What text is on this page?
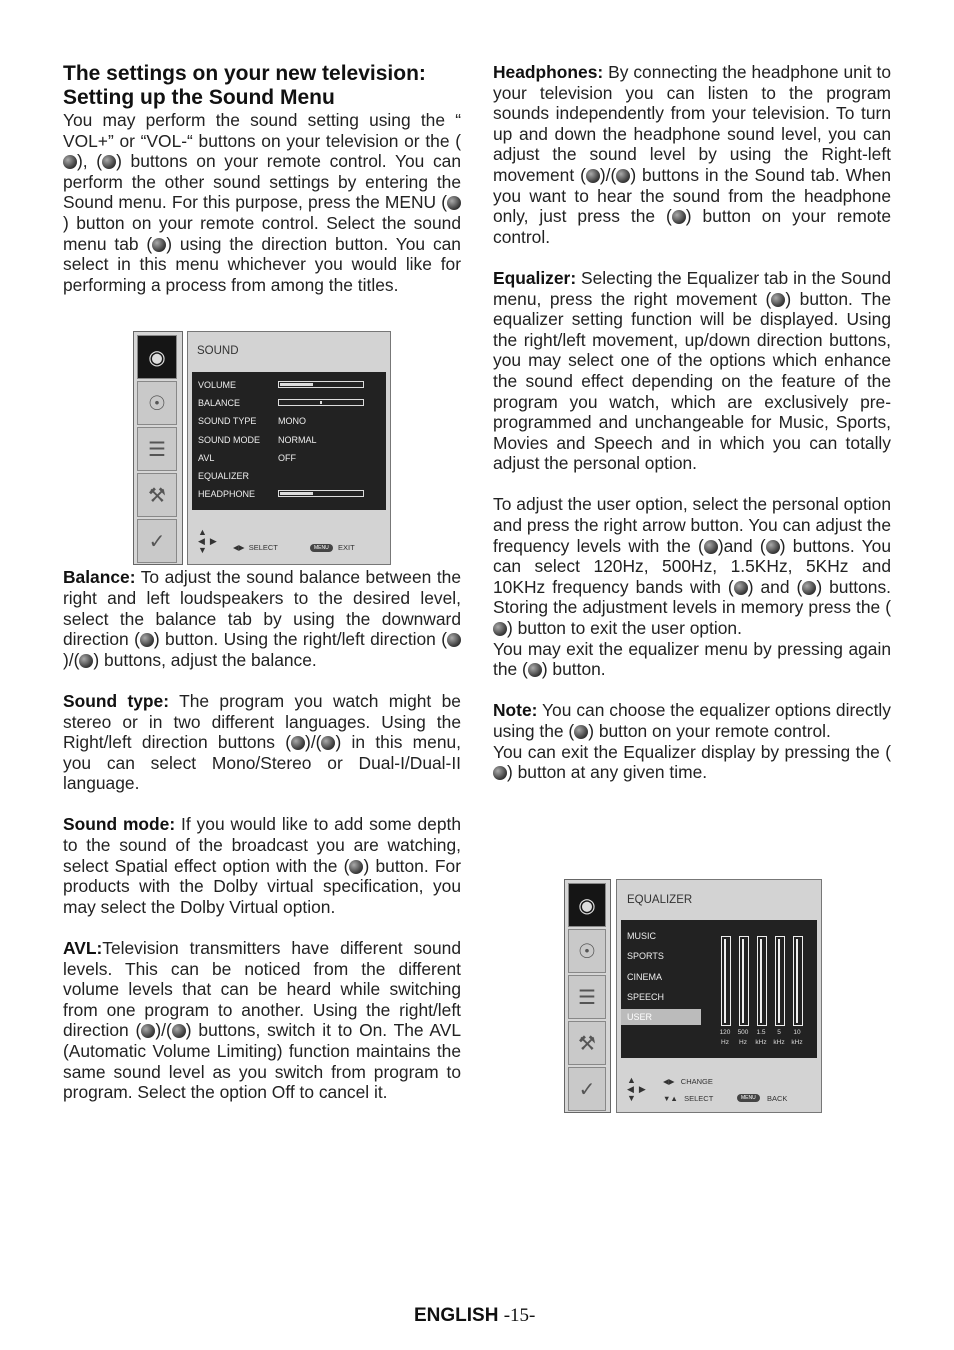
The settings on your new television:
Setting up the Sound Menu

You may perform the sound setting using the “ VOL+” or “VOL-“ buttons on your television or the (), ( ) buttons on your remote control. You can perform the other sound settings by entering the Sound menu. For this purpose, press the MENU () button on your remote control. Select the sound menu tab ( ) using the direction button. You can select in this menu whichever you would like for performing a process from among the titles.

Balance: To adjust the sound balance between the right and left loudspeakers to the desired level, select the balance tab by using the downward direction ( ) button. Using the right/left direction ()/( ) buttons, adjust the balance.

Sound type: The program you watch might be stereo or in two different languages. Using the Right/left direction buttons ( )/( ) in this menu, you can select Mono/Stereo or Dual-I/Dual-II language.

Sound mode: If you would like to add some depth to the sound of the broadcast you are watching, select Spatial effect option with the ( ) button. For products with the Dolby virtual specification, you may select the Dolby Virtual option.

AVL:Television transmitters have different sound levels. This can be noticed from the different volume levels that can be heard while switching from one program to another. Using the right/left direction ( )/( ) buttons, switch it to On. The AVL (Automatic Volume Limiting) function maintains the same sound level as you switch from program to program. Select the option Off to cancel it.

◉
☉
☰
⚒
✓
SOUND
VOLUME
BALANCE
SOUND TYPE MONO
SOUND MODE NORMAL
AVL	OFF
EQUALIZER
HEADPHONE
▲
◀  ▶
▼	◀▶  SELECT	MENU	EXIT

Headphones: By connecting the headphone unit to your television you can listen to the program sounds independently from your television. To turn up and down the headphone sound level, you can adjust the sound level by using the Right-left movement ( )/( ) buttons in the Sound tab. When you want to hear the sound from the headphone only, just press the ( ) button on your remote control.

Equalizer: Selecting the Equalizer tab in the Sound menu, press the right movement ( ) button. The equalizer setting function will be displayed. Using the right/left movement, up/down direction buttons, you may select one of the options which enhance the sound effect depending on the feature of the program you watch, which are exclusively pre-programmed and unchangeable for Music, Sports, Movies and Speech and in which you can totally adjust the personal option.

To adjust the user option, select the personal option and press the right arrow button. You can adjust the frequency levels with the ( )and ( ) buttons. You can select 120Hz, 500Hz, 1.5KHz, 5KHz and 10KHz frequency bands with ( ) and ( ) buttons. Storing the adjustment levels in memory press the () button to exit the user option.

You may exit the equalizer menu by pressing again the ( ) button.

Note: You can choose the equalizer options directly using the ( ) button on your remote control.

You can exit the Equalizer display by pressing the () button at any given time.

◉
☉
☰
⚒
✓
EQUALIZER
MUSIC
SPORTS
CINEMA
SPEECH
USER
120
Hz
500
Hz
1.5
kHz
5
kHz
10
kHz
▲
◀  ▶
▼
◀▶   CHANGE
▼▲   SELECT	MENU	BACK
ENGLISH -15-
